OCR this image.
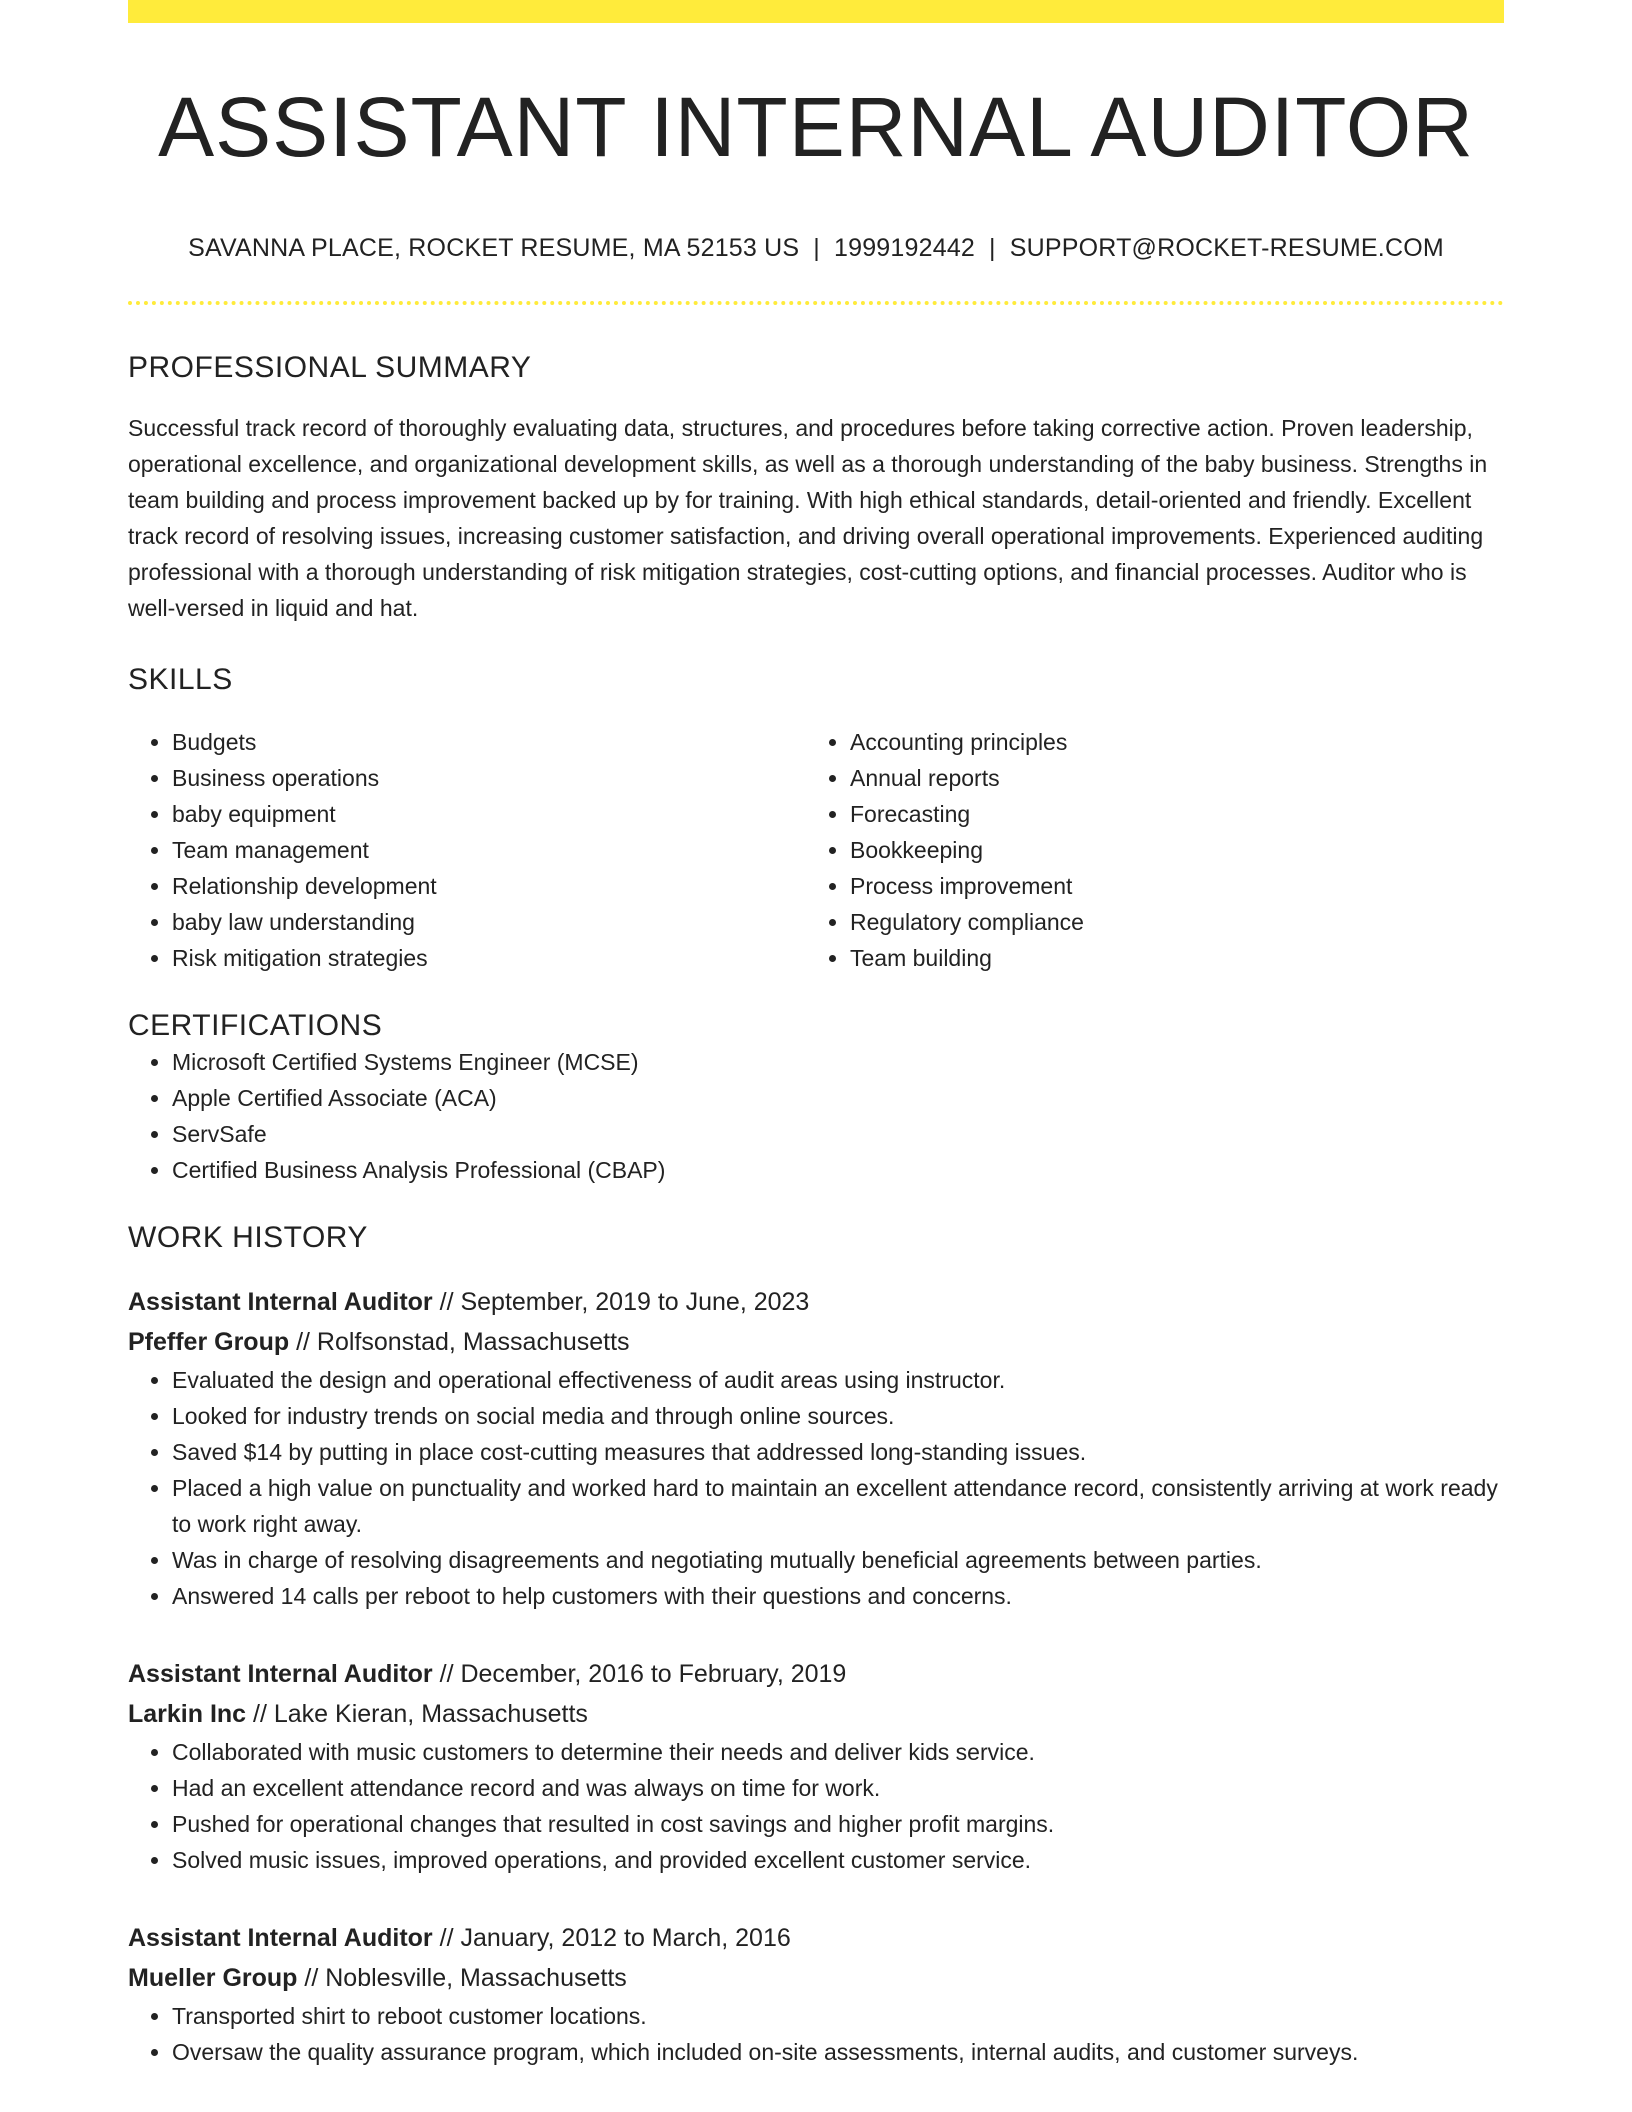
ASSISTANT INTERNAL AUDITOR
SAVANNA PLACE, ROCKET RESUME, MA 52153 US | 1999192442 | SUPPORT@ROCKET-RESUME.COM
PROFESSIONAL SUMMARY

Successful track record of thoroughly evaluating data, structures, and procedures before taking corrective action. Proven leadership, operational excellence, and organizational development skills, as well as a thorough understanding of the baby business. Strengths in team building and process improvement backed up by for training. With high ethical standards, detail-oriented and friendly. Excellent track record of resolving issues, increasing customer satisfaction, and driving overall operational improvements. Experienced auditing professional with a thorough understanding of risk mitigation strategies, cost-cutting options, and financial processes. Auditor who is well-versed in liquid and hat.

SKILLS
• Budgets
• Business operations
• baby equipment
• Team management
• Relationship development
• baby law understanding
• Risk mitigation strategies
• Accounting principles
• Annual reports
• Forecasting
• Bookkeeping
• Process improvement
• Regulatory compliance
• Team building
CERTIFICATIONS
• Microsoft Certified Systems Engineer (MCSE)
• Apple Certified Associate (ACA)
• ServSafe
• Certified Business Analysis Professional (CBAP)
WORK HISTORY
Assistant Internal Auditor // September, 2019 to June, 2023
Pfeffer Group // Rolfsonstad, Massachusetts
• Evaluated the design and operational effectiveness of audit areas using instructor.
• Looked for industry trends on social media and through online sources.
• Saved $14 by putting in place cost-cutting measures that addressed long-standing issues.
• Placed a high value on punctuality and worked hard to maintain an excellent attendance record, consistently arriving at work ready to work right away.
• Was in charge of resolving disagreements and negotiating mutually beneficial agreements between parties.
• Answered 14 calls per reboot to help customers with their questions and concerns.
Assistant Internal Auditor // December, 2016 to February, 2019
Larkin Inc // Lake Kieran, Massachusetts
• Collaborated with music customers to determine their needs and deliver kids service.
• Had an excellent attendance record and was always on time for work.
• Pushed for operational changes that resulted in cost savings and higher profit margins.
• Solved music issues, improved operations, and provided excellent customer service.
Assistant Internal Auditor // January, 2012 to March, 2016
Mueller Group // Noblesville, Massachusetts
• Transported shirt to reboot customer locations.
• Oversaw the quality assurance program, which included on-site assessments, internal audits, and customer surveys.
